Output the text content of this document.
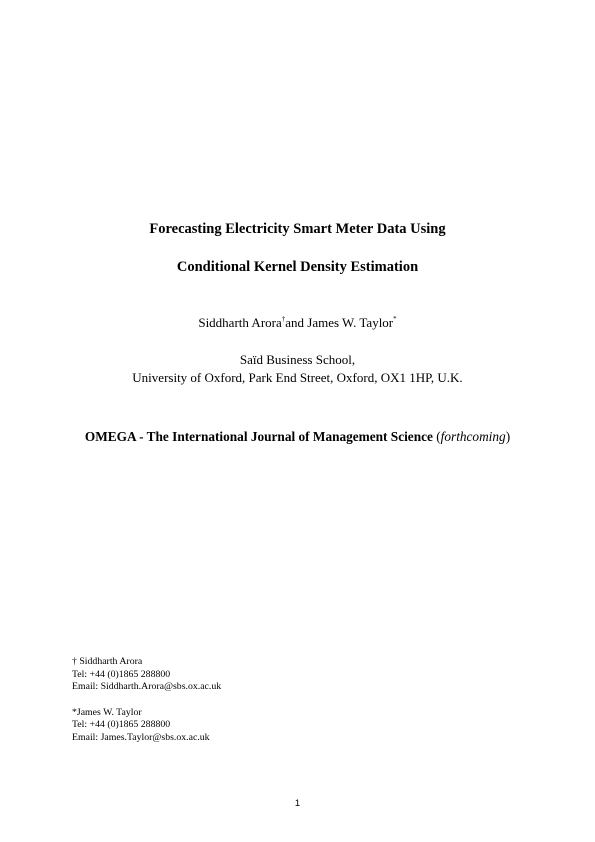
Forecasting Electricity Smart Meter Data Using
Conditional Kernel Density Estimation
Siddharth Arora†and James W. Taylor*
Saïd Business School,
University of Oxford, Park End Street, Oxford, OX1 1HP, U.K.
OMEGA - The International Journal of Management Science (forthcoming)
† Siddharth Arora
Tel: +44 (0)1865 288800
Email: Siddharth.Arora@sbs.ox.ac.uk
*James W. Taylor
Tel: +44 (0)1865 288800
Email: James.Taylor@sbs.ox.ac.uk
1
